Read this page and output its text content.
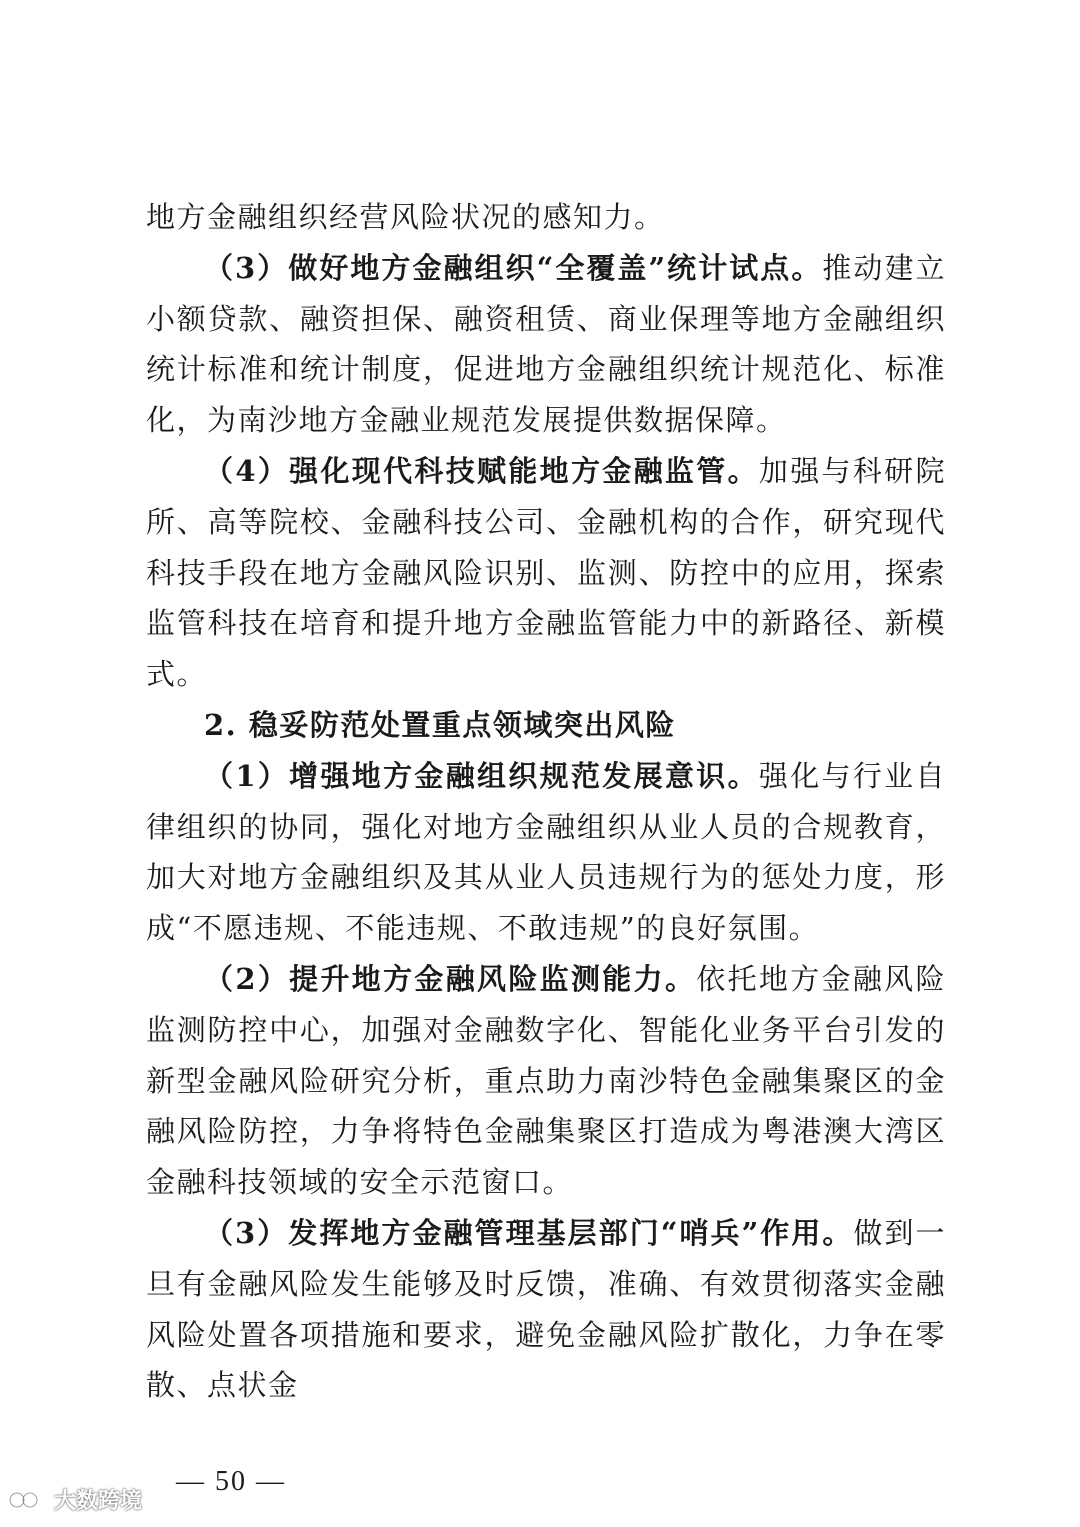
地方金融组织经营风险状况的感知力。

（3）做好地方金融组织“全覆盖”统计试点。推动建立小额贷款、融资担保、融资租赁、商业保理等地方金融组织统计标准和统计制度，促进地方金融组织统计规范化、标准化，为南沙地方金融业规范发展提供数据保障。

（4）强化现代科技赋能地方金融监管。加强与科研院所、高等院校、金融科技公司、金融机构的合作，研究现代科技手段在地方金融风险识别、监测、防控中的应用，探索监管科技在培育和提升地方金融监管能力中的新路径、新模式。

2. 稳妥防范处置重点领域突出风险

（1）增强地方金融组织规范发展意识。强化与行业自律组织的协同，强化对地方金融组织从业人员的合规教育，加大对地方金融组织及其从业人员违规行为的惩处力度，形成“不愿违规、不能违规、不敢违规”的良好氛围。

（2）提升地方金融风险监测能力。依托地方金融风险监测防控中心，加强对金融数字化、智能化业务平台引发的新型金融风险研究分析，重点助力南沙特色金融集聚区的金融风险防控，力争将特色金融集聚区打造成为粤港澳大湾区金融科技领域的安全示范窗口。

（3）发挥地方金融管理基层部门“哨兵”作用。做到一旦有金融风险发生能够及时反馈，准确、有效贯彻落实金融风险处置各项措施和要求，避免金融风险扩散化，力争在零散、点状金

— 50 —
大数跨境
